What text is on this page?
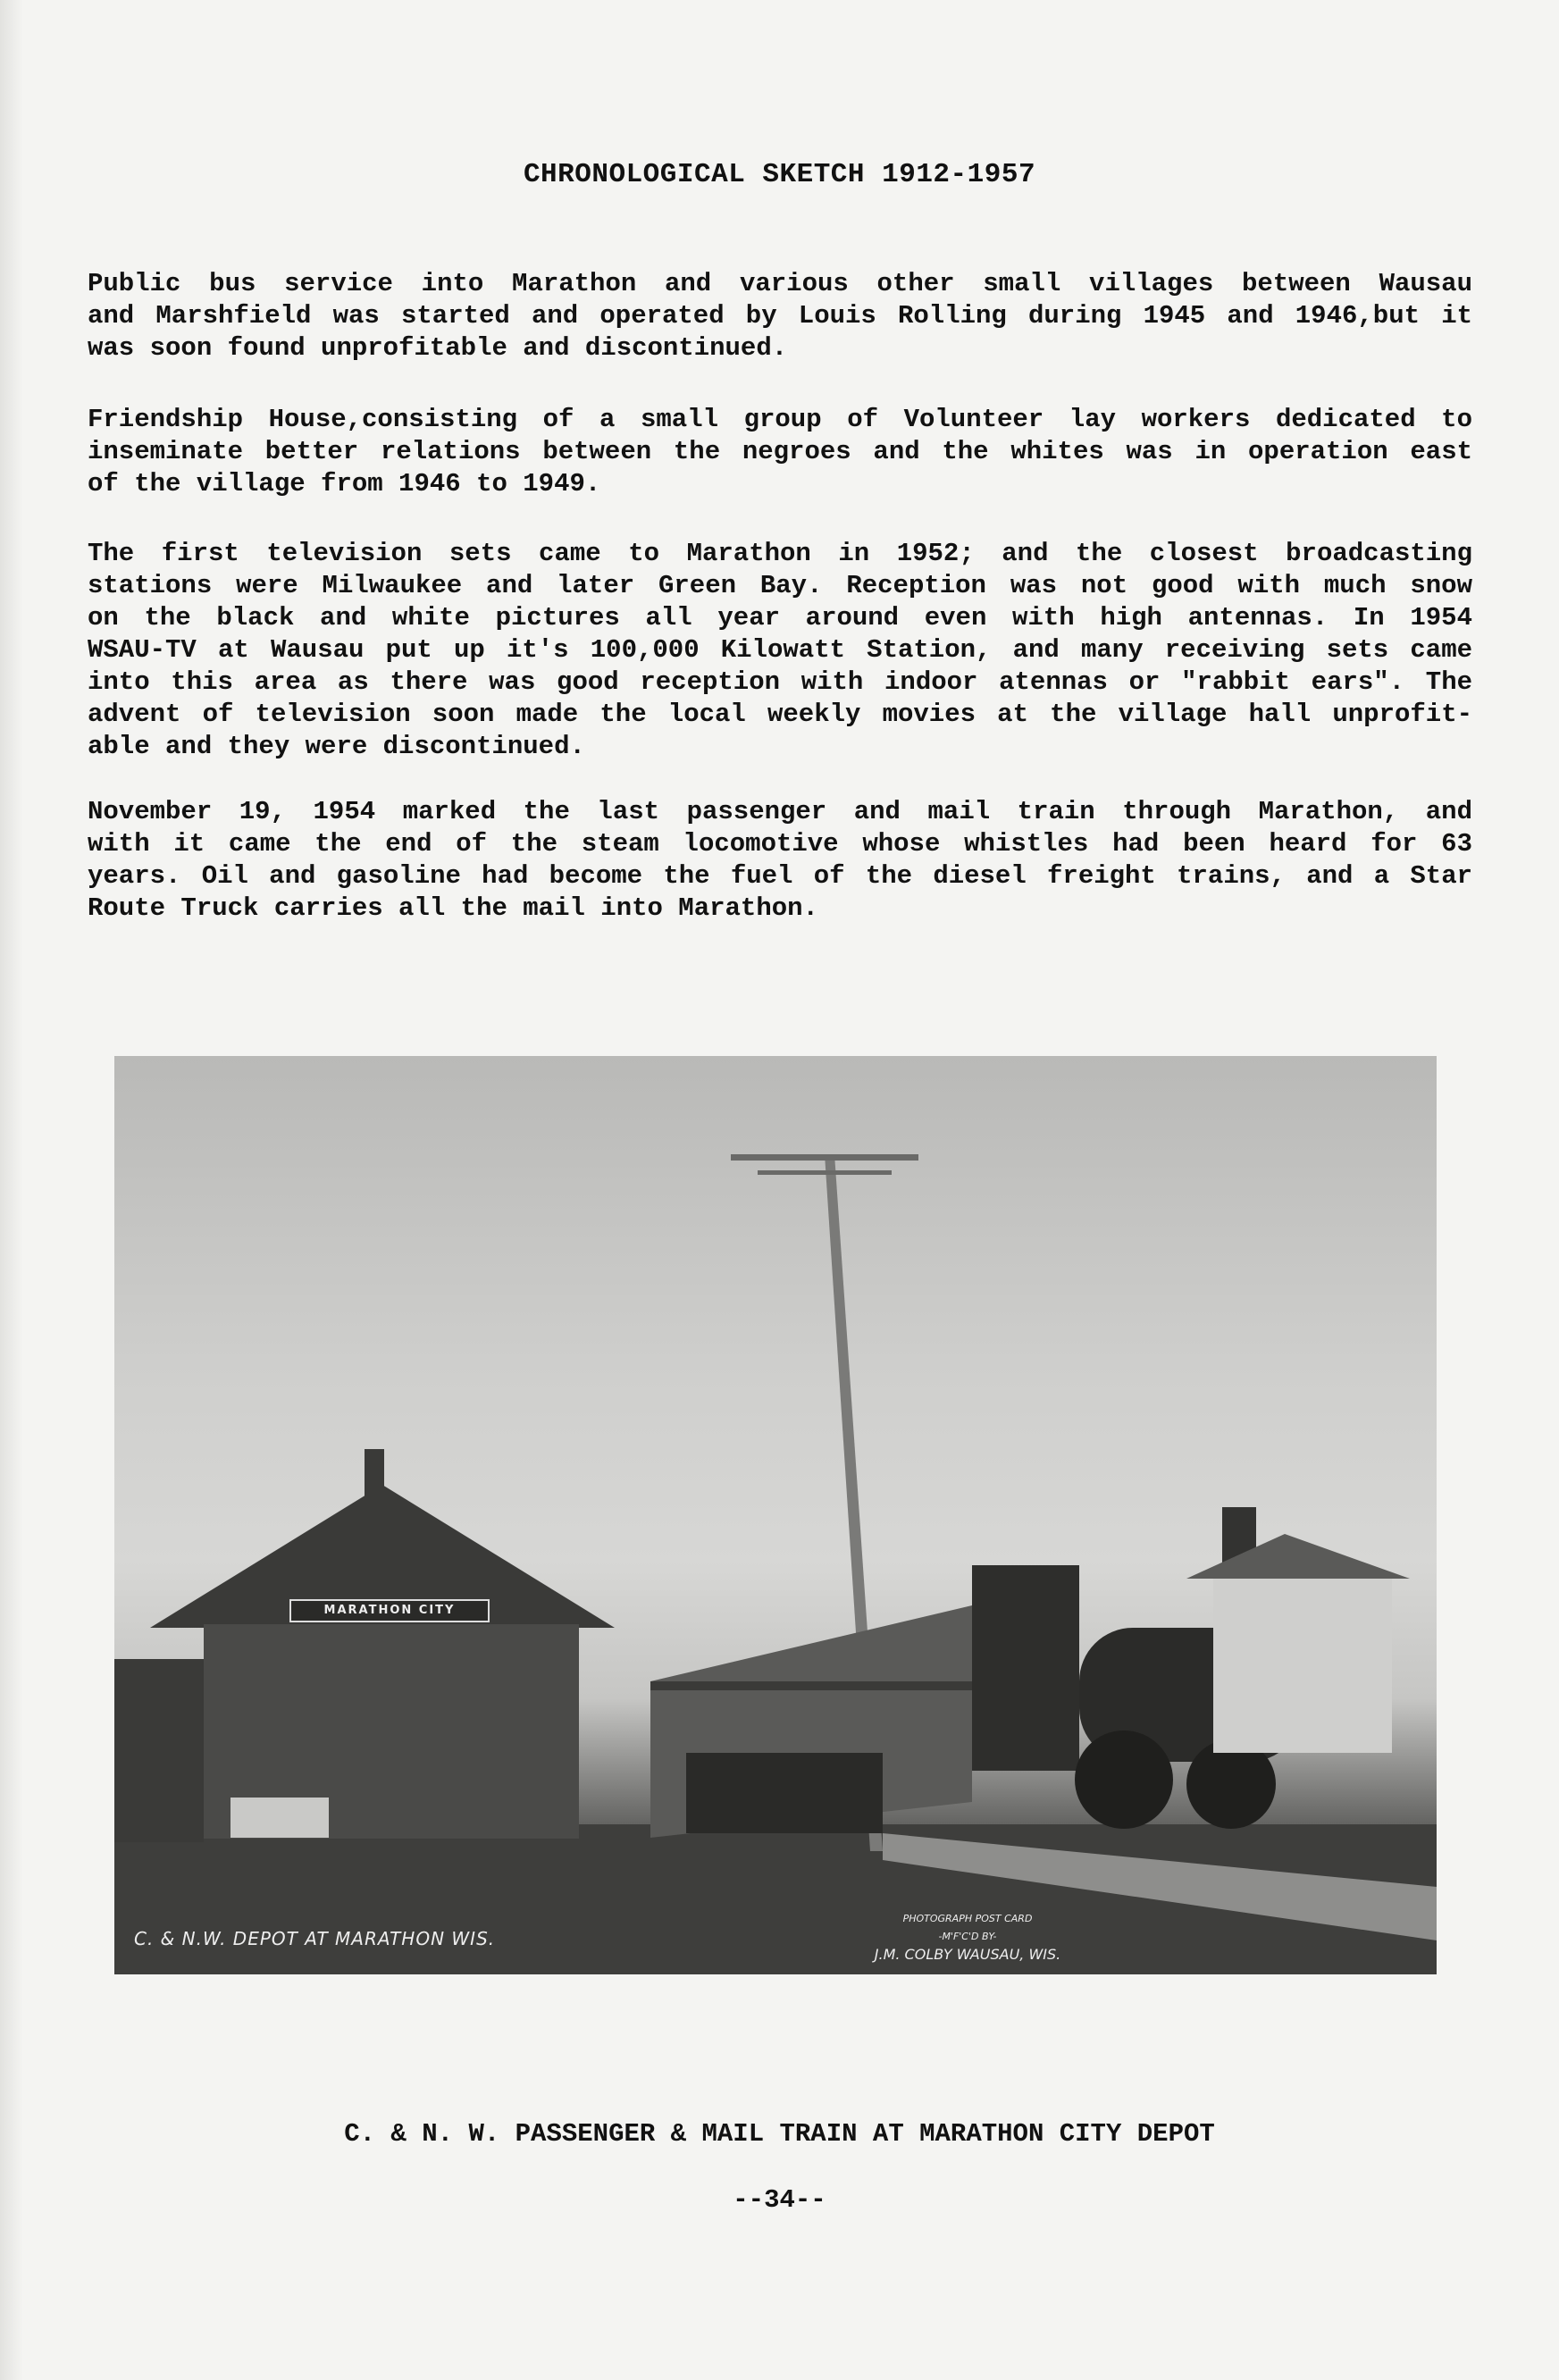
CHRONOLOGICAL SKETCH 1912-1957
Public bus service into Marathon and various other small villages between Wausau
and Marshfield was started and operated by Louis Rolling during 1945 and 1946,but it
was soon found unprofitable and discontinued.
Friendship House,consisting of a small group of Volunteer lay workers dedicated to
inseminate better relations between the negroes and the whites was in operation east
of the village from 1946 to 1949.
The first television sets came to Marathon in 1952; and the closest broadcasting
stations were Milwaukee and later Green Bay. Reception was not good with much snow
on the black and white pictures all year around even with high antennas. In 1954
WSAU-TV at Wausau put up it's 100,000 Kilowatt Station, and many receiving sets came
into this area as there was good reception with indoor atennas or "rabbit ears". The
advent of television soon made the local weekly movies at the village hall unprofit-
able and they were discontinued.
November 19, 1954 marked the last passenger and mail train through Marathon, and
with it came the end of the steam locomotive whose whistles had been heard for 63
years. Oil and gasoline had become the fuel of the diesel freight trains, and a Star
Route Truck carries all the mail into Marathon.
MARATHON CITY
C. & N.W. DEPOT AT MARATHON WIS.
PHOTOGRAPH POST CARD
-M'F'C'D BY-
J.M. COLBY WAUSAU, WIS.
C. & N. W. PASSENGER & MAIL TRAIN AT MARATHON CITY DEPOT
--34--
